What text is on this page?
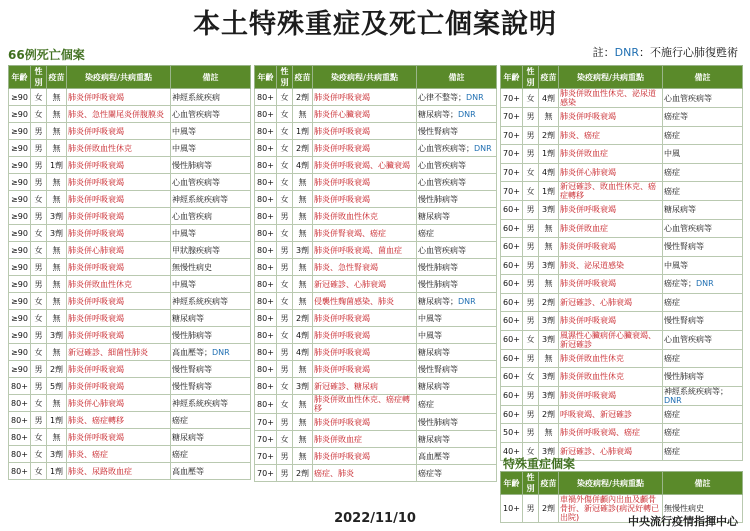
本土特殊重症及死亡個案說明
66例死亡個案	註：DNR：不施行心肺復甦術
年齡	性別	疫苗	染疫病程/共病重點	備註
≥90	女	無	肺炎併呼吸衰竭	神經系統疾病
≥90	女	無	肺炎、急性闌尾炎併腹膜炎	心血管疾病等
≥90	男	無	肺炎併呼吸衰竭	中風等
≥90	男	無	肺炎併敗血性休克	中風等
≥90	男	1劑	肺炎併呼吸衰竭	慢性肺病等
≥90	男	無	肺炎併呼吸衰竭	心血管疾病等
≥90	女	無	肺炎併呼吸衰竭	神經系統疾病等
≥90	男	3劑	肺炎併呼吸衰竭	心血管疾病
≥90	女	3劑	肺炎併呼吸衰竭	中風等
≥90	女	無	肺炎併心肺衰竭	甲狀腺疾病等
≥90	男	無	肺炎併呼吸衰竭	無慢性病史
≥90	男	無	肺炎併敗血性休克	中風等
≥90	女	無	肺炎併呼吸衰竭	神經系統疾病等
≥90	女	無	肺炎併呼吸衰竭	糖尿病等
≥90	男	3劑	肺炎併呼吸衰竭	慢性肺病等
≥90	女	無	新冠確診、細菌性肺炎	高血壓等；DNR
≥90	男	2劑	肺炎併呼吸衰竭	慢性腎病等
80+	男	5劑	肺炎併呼吸衰竭	慢性腎病等
80+	女	無	肺炎併心肺衰竭	神經系統疾病等
80+	男	1劑	肺炎、癌症轉移	癌症
80+	女	無	肺炎併呼吸衰竭	糖尿病等
80+	女	3劑	肺炎、癌症	癌症
80+	女	1劑	肺炎、尿路敗血症	高血壓等
年齡	性別	疫苗	染疫病程/共病重點	備註
80+	女	2劑	肺炎併呼吸衰竭	心律不整等；DNR
80+	女	無	肺炎併心臟衰竭	糖尿病等；DNR
80+	女	1劑	肺炎併呼吸衰竭	慢性腎病等
80+	女	2劑	肺炎併呼吸衰竭	心血管疾病等；DNR
80+	女	4劑	肺炎併呼吸衰竭、心臟衰竭	心血管疾病等
80+	女	無	肺炎併呼吸衰竭	心血管疾病等
80+	女	無	肺炎併呼吸衰竭	慢性肺病等
80+	男	無	肺炎併敗血性休克	糖尿病等
80+	女	無	肺炎併腎衰竭、癌症	癌症
80+	男	3劑	肺炎併呼吸衰竭、菌血症	心血管疾病等
80+	男	無	肺炎、急性腎衰竭	慢性肺病等
80+	女	無	新冠確診、心肺衰竭	慢性肺病等
80+	女	無	侵襲性麴菌感染、肺炎	糖尿病等；DNR
80+	男	2劑	肺炎併呼吸衰竭	中風等
80+	女	4劑	肺炎併呼吸衰竭	中風等
80+	男	4劑	肺炎併呼吸衰竭	糖尿病等
80+	男	無	肺炎併呼吸衰竭	慢性腎病等
80+	女	3劑	新冠確診、糖尿病	糖尿病等
80+	女	無	肺炎併敗血性休克、癌症轉移	癌症
70+	男	無	肺炎併呼吸衰竭	慢性肺病等
70+	女	無	肺炎併敗血症	糖尿病等
70+	男	無	肺炎併呼吸衰竭	高血壓等
70+	男	2劑	癌症、肺炎	癌症等
年齡	性別	疫苗	染疫病程/共病重點	備註
70+	女	4劑	肺炎併敗血性休克、泌尿道感染	心血管疾病等
70+	男	無	肺炎併呼吸衰竭	癌症等
70+	男	2劑	肺炎、癌症	癌症
70+	男	1劑	肺炎併敗血症	中風
70+	女	4劑	肺炎併心肺衰竭	癌症
70+	女	1劑	新冠確診、敗血性休克、癌症轉移	癌症
60+	男	3劑	肺炎併呼吸衰竭	糖尿病等
60+	男	無	肺炎併敗血症	心血管疾病等
60+	男	無	肺炎併呼吸衰竭	慢性腎病等
60+	男	3劑	肺炎、泌尿道感染	中風等
60+	男	無	肺炎併呼吸衰竭	癌症等；DNR
60+	男	2劑	新冠確診、心肺衰竭	癌症
60+	男	3劑	肺炎併呼吸衰竭	慢性腎病等
60+	女	3劑	風濕性心臟病併心臟衰竭、新冠確診	心血管疾病等
60+	男	無	肺炎併敗血性休克	癌症
60+	女	3劑	肺炎併敗血性休克	慢性肺病等
60+	男	3劑	肺炎併呼吸衰竭	神經系統疾病等；DNR
60+	男	2劑	呼吸衰竭、新冠確診	癌症
50+	男	無	肺炎併呼吸衰竭、癌症	癌症
40+	女	3劑	新冠確診、心肺衰竭	癌症
特殊重症個案
年齡	性別	疫苗	染疫病程/共病重點	備註
10+	男	2劑	車禍外傷併顱內出血及顱骨骨折、新冠確診(病況好轉已出院)	無慢性病史
2022/11/10	中央流行疫情指揮中心
